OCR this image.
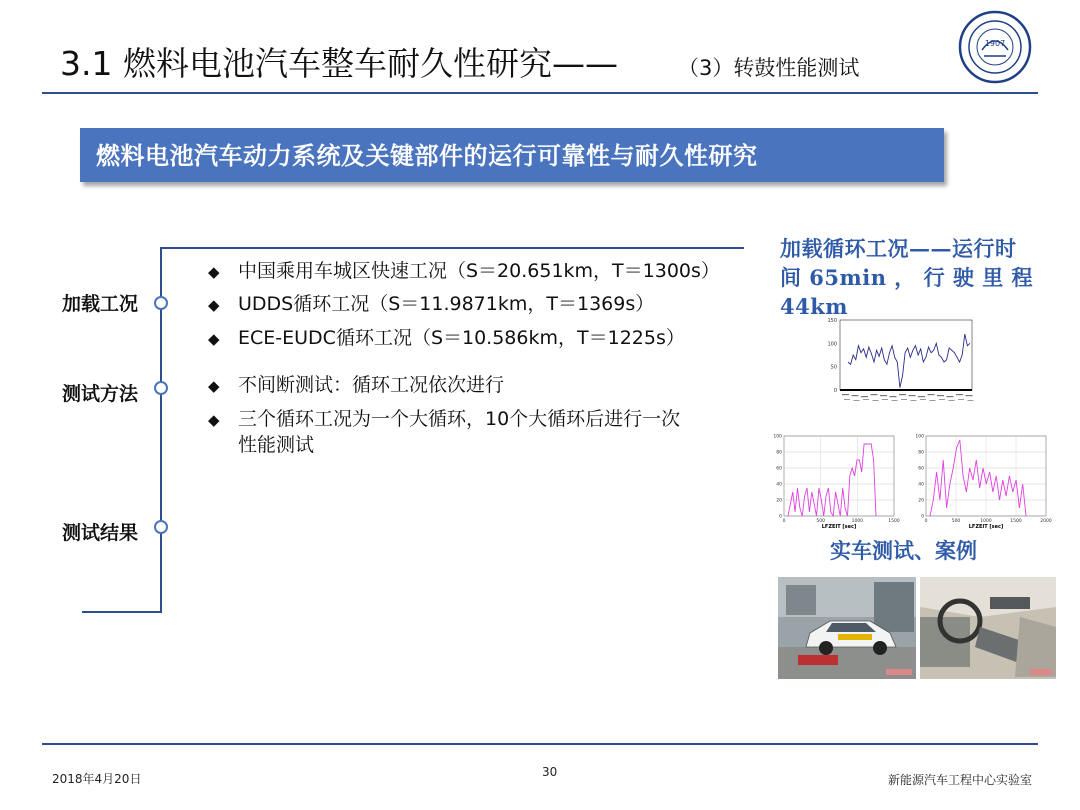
3.1 燃料电池汽车整车耐久性研究——	（3）转鼓性能测试
1907
燃料电池汽车动力系统及关键部件的运行可靠性与耐久性研究
加载工况
测试方法
测试结果
◆ 中国乘用车城区快速工况（S＝20.651km，T＝1300s）
◆ UDDS循环工况（S＝11.9871km，T＝1369s）
◆ ECE-EUDC循环工况（S＝10.586km，T＝1225s）
◆ 不间断测试：循环工况依次进行
◆ 三个循环工况为一个大循环，10个大循环后进行一次
性能测试
加载循环工况——运行时
间 65min ， 行 驶 里 程
44km
150
100
50
0
0
20
40
60
80
100
0	500	1000	1500
LFZEIT [sec]
0
20
40
60
80
100
0	500	1000	1500	2000
LFZEIT [sec]
实车测试、案例
2018年4月20日	30
新能源汽车工程中心实验室
